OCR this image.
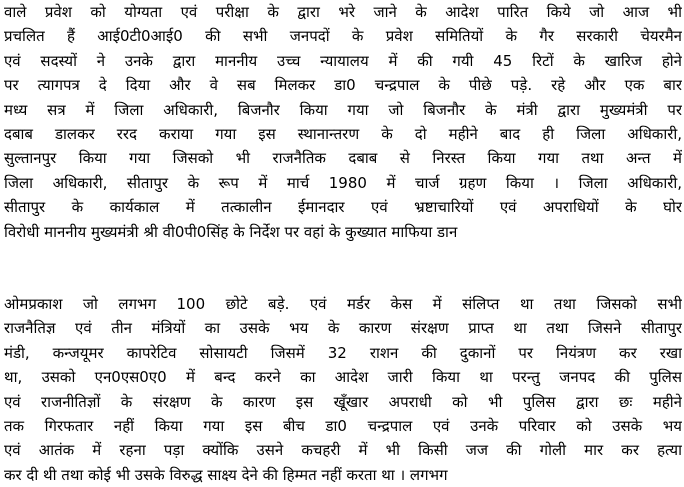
वाले प्रवेश को योग्यता एवं परीक्षा के द्वारा भरे जाने के आदेश पारित किये जो आज भी
प्रचलित हैं आई0टी0आई0 की सभी जनपदों के प्रवेश समितियों के गैर सरकारी चेयरमैन
एवं सदस्यों ने उनके द्वारा माननीय उच्च न्यायालय में की गयी 45 रिटों के खारिज होने
पर त्यागपत्र दे दिया और वे सब मिलकर डा0 चन्द्रपाल के पीछे पड़े. रहे और एक बार
मध्य सत्र में जिला अधिकारी, बिजनौर किया गया जो बिजनौर के मंत्री द्वारा मुख्यमंत्री पर
दबाब डालकर ररद कराया गया इस स्थानान्तरण के दो महीने बाद ही जिला अधिकारी,
सुल्तानपुर किया गया जिसको भी राजनैतिक दबाब से निरस्त किया गया तथा अन्त में
जिला अधिकारी, सीतापुर के रूप में मार्च 1980 में चार्ज ग्रहण किया । जिला अधिकारी,
सीतापुर के कार्यकाल में तत्कालीन ईमानदार एवं भ्रष्टाचारियों एवं अपराधियों के घोर
विरोधी माननीय मुख्यमंत्री श्री वी0पी0सिंह के निर्देश पर वहां के कुख्यात माफिया डान
ओमप्रकाश जो लगभग 100 छोटे बड़े. एवं मर्डर केस में संलिप्त था तथा जिसको सभी
राजनैतिज्ञ एवं तीन मंत्रियों का उसके भय के कारण संरक्षण प्राप्त था तथा जिसने सीतापुर
मंडी, कन्जयूमर कापरेटिव सोसायटी जिसमें 32 राशन की दुकानों पर नियंत्रण कर रखा
था, उसको एन0एस0ए0 में बन्द करने का आदेश जारी किया था परन्तु जनपद की पुलिस
एवं राजनीतिज्ञों के संरक्षण के कारण इस खूँखार अपराधी को भी पुलिस द्वारा छः महीने
तक गिरफतार नहीं किया गया इस बीच डा0 चन्द्रपाल एवं उनके परिवार को उसके भय
एवं आतंक में रहना पड़ा क्योंकि उसने कचहरी में भी किसी जज की गोली मार कर हत्या
कर दी थी तथा कोई भी उसके विरुद्ध साक्ष्य देने की हिम्मत नहीं करता था । लगभग
